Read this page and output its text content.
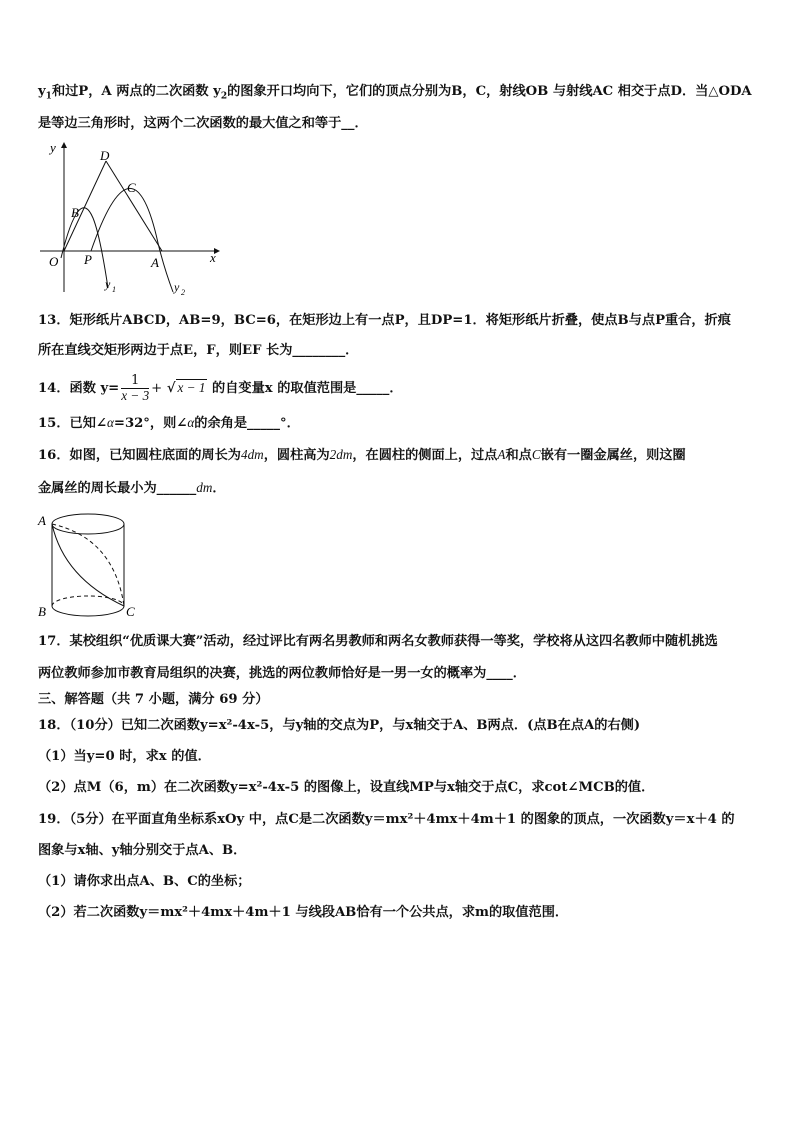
$y_1$和过P，A 两点的二次函数 $y_2$的图象开口均向下，它们的顶点分别为B，C，射线OB 与射线AC 相交于点D．当△ODA
是等边三角形时，这两个二次函数的最大值之和等于__．
y
x
O P	A
B
C
D
y 1	y 2
13．矩形纸片ABCD，AB=9，BC=6，在矩形边上有一点P，且DP=1．将矩形纸片折叠，使点B与点P重合，折痕
所在直线交矩形两边于点E，F，则EF 长为________．
14．函数 $y= \frac{1}{x - 3}$ + √ x − 1 的自变量x 的取值范围是_____．
15．已知∠α=32°，则∠α的余角是_____°．
16．如图，已知圆柱底面的周长为4dm，圆柱高为2dm，在圆柱的侧面上，过点A和点C嵌有一圈金属丝，则这圈
金属丝的周长最小为______dm．
A
B	C
17．某校组织“优质课大赛”活动，经过评比有两名男教师和两名女教师获得一等奖，学校将从这四名教师中随机挑选
两位教师参加市教育局组织的决赛，挑选的两位教师恰好是一男一女的概率为____．
三、解答题（共 7 小题，满分 69 分）
18．（10分）已知二次函数y=x²-4x-5，与y轴的交点为P，与x轴交于A、B两点．(点B在点A的右侧)
（1）当y=0 时，求x 的值．
（2）点M（6，m）在二次函数y=x²-4x-5 的图像上，设直线MP与x轴交于点C，求cot∠MCB的值．
19．（5分）在平面直角坐标系xOy 中，点C是二次函数y＝mx²＋4mx＋4m＋1 的图象的顶点，一次函数y＝x＋4 的
图象与x轴、y轴分别交于点A、B．
（1）请你求出点A、B、C的坐标；
（2）若二次函数y＝mx²＋4mx＋4m＋1 与线段AB恰有一个公共点，求m的取值范围．
